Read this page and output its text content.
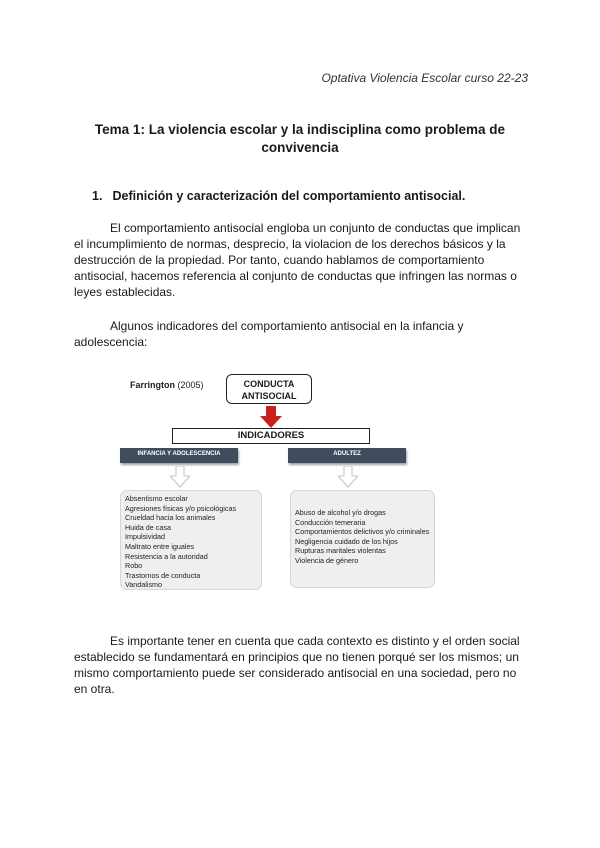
Optativa Violencia Escolar curso 22-23
Tema 1: La violencia escolar y la indisciplina como problema de convivencia
1. Definición y caracterización del comportamiento antisocial.
El comportamiento antisocial engloba un conjunto de conductas que implican el incumplimiento de normas, desprecio, la violacion de los derechos básicos y la destrucción de la propiedad. Por tanto, cuando hablamos de comportamiento antisocial, hacemos referencia al conjunto de conductas que infringen las normas o leyes establecidas.
Algunos indicadores del comportamiento antisocial en la infancia y adolescencia:
Farrington (2005)	CONDUCTA ANTISOCIAL
INDICADORES
INFANCIA Y ADOLESCENCIA	ADULTEZ
Absentismo escolar
Agresiones físicas y/o psicológicas
Crueldad hacia los animales
Huida de casa
Impulsividad
Maltrato entre iguales
Resistencia a la autoridad
Robo
Trastornos de conducta
Vandalismo
Abuso de alcohol y/o drogas
Conducción temeraria
Comportamientos delictivos y/o criminales
Negligencia cuidado de los hijos
Rupturas maritales violentas
Violencia de género
Es importante tener en cuenta que cada contexto es distinto y el orden social establecido se fundamentará en principios que no tienen porqué ser los mismos; un mismo comportamiento puede ser considerado antisocial en una sociedad, pero no en otra.
